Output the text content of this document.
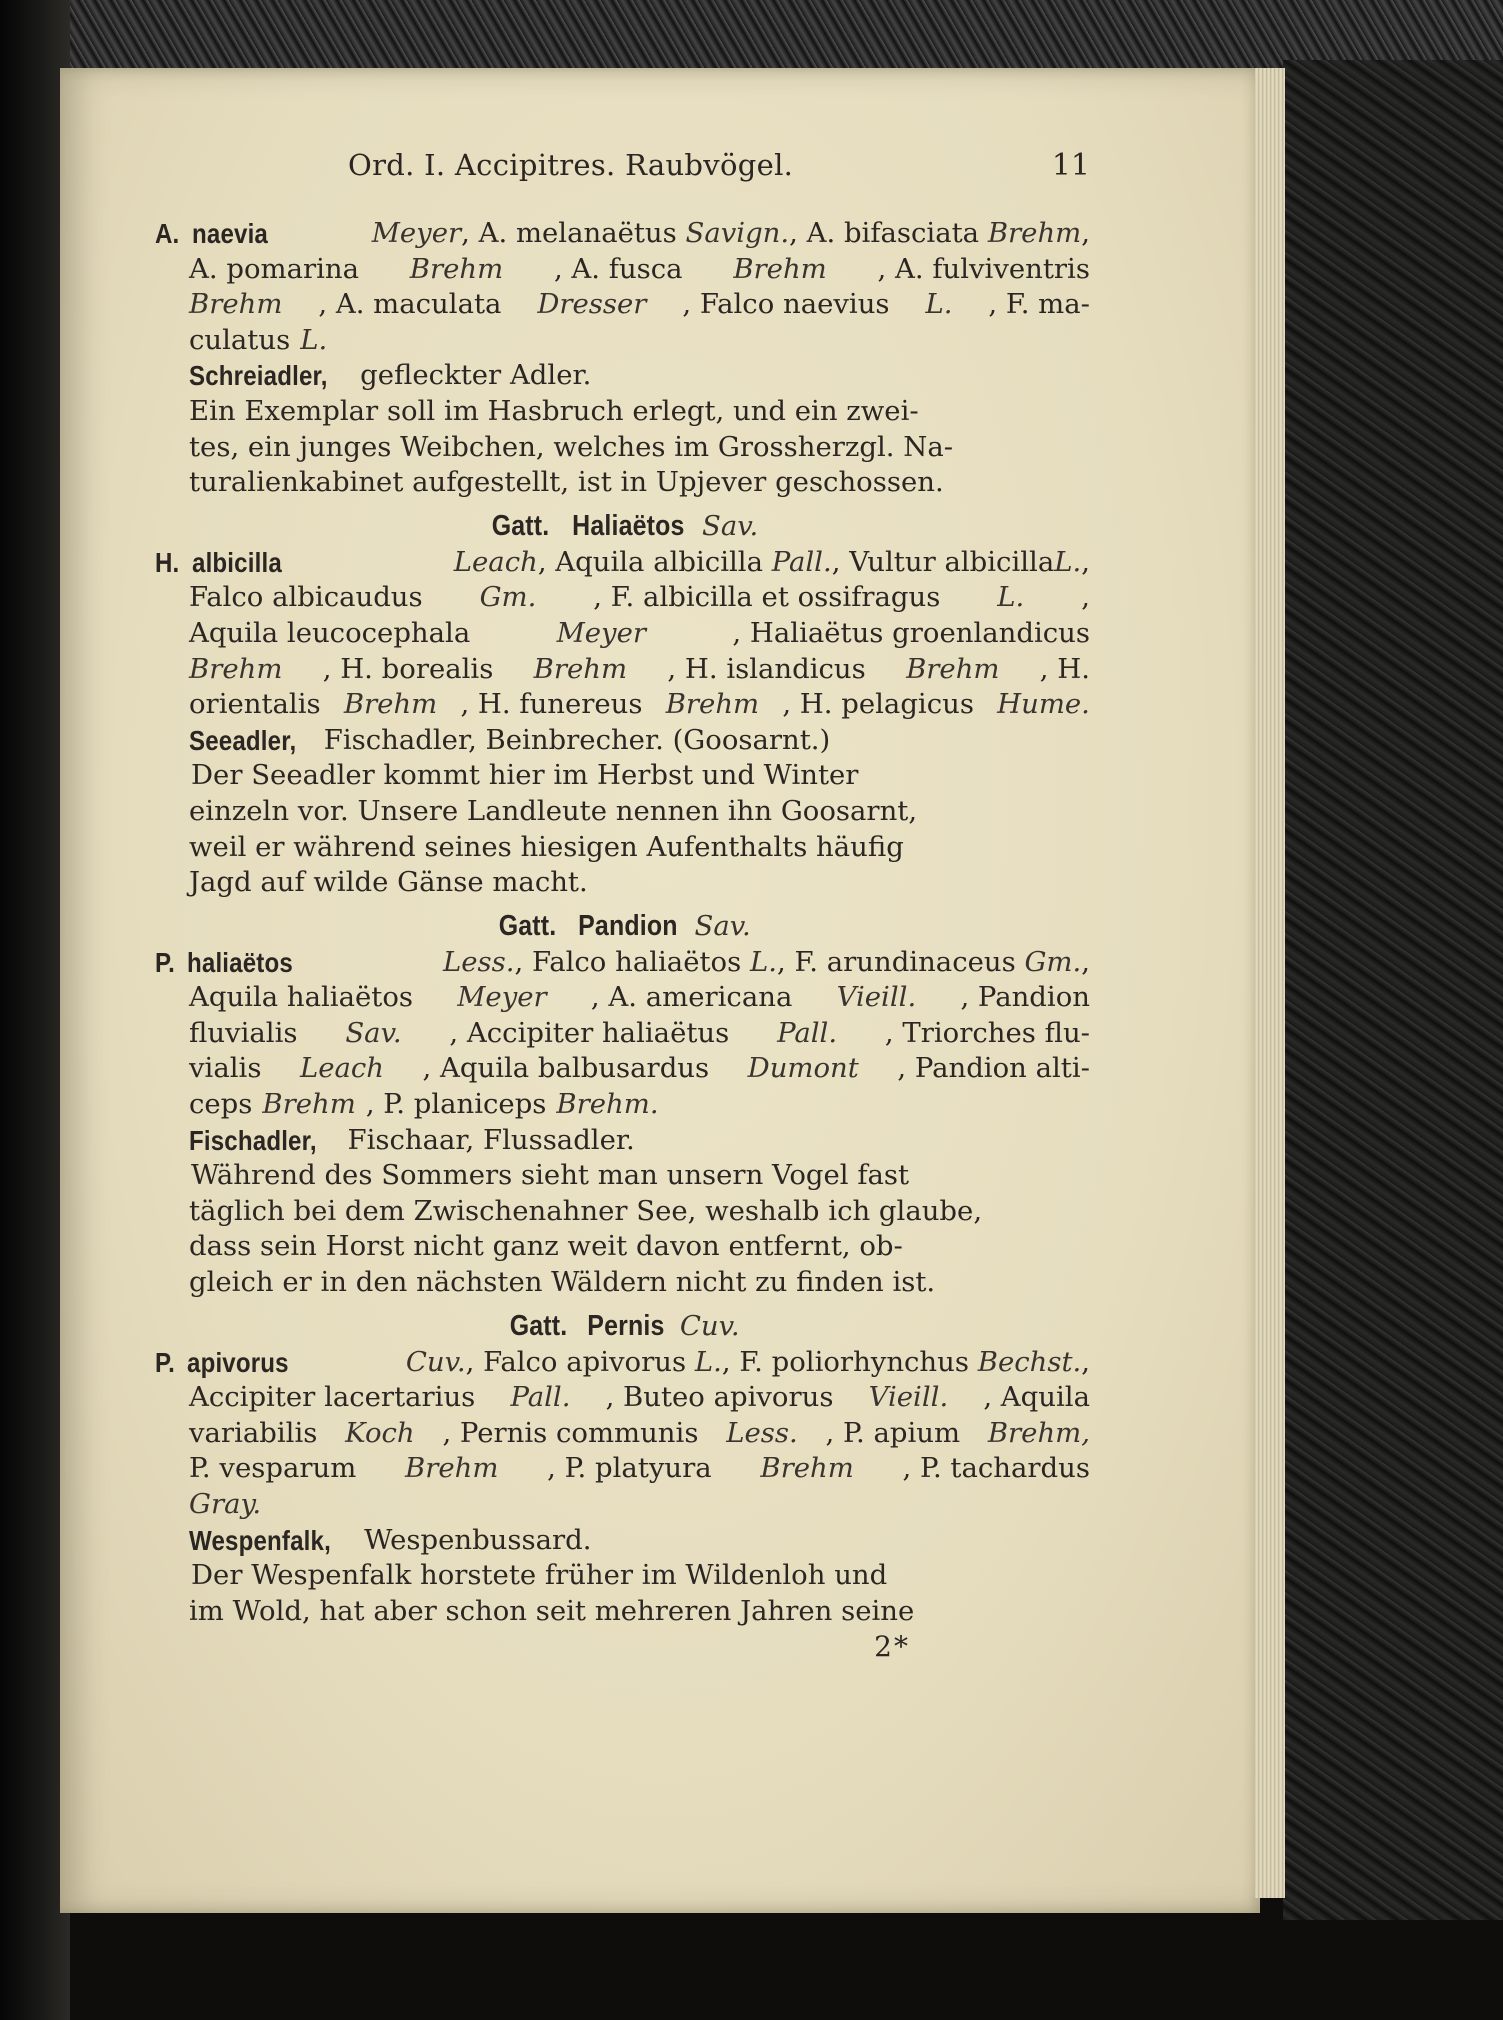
Ord. I. Accipitres. Raubvögel.	11
A. naevia	Meyer, A. melanaëtus Savign., A. bifasciata Brehm,
A. pomarina Brehm , A. fusca Brehm , A. fulviventris
Brehm , A. maculata Dresser , Falco naevius L. , F. ma-
culatus L.
Schreiadler, gefleckter Adler.
Ein Exemplar soll im Hasbruch erlegt, und ein zwei-
tes, ein junges Weibchen, welches im Grossherzgl. Na-
turalienkabinet aufgestellt, ist in Upjever geschossen.
Gatt. Haliaëtos Sav.
H. albicilla	Leach, Aquila albicilla Pall., Vultur albicillaL.,
Falco albicaudus Gm. , F. albicilla et ossifragus L. ,
Aquila leucocephala	Meyer	, Haliaëtus groenlandicus
Brehm , H. borealis Brehm , H. islandicus Brehm , H.
orientalis Brehm , H. funereus Brehm , H. pelagicus Hume.
Seeadler, Fischadler, Beinbrecher. (Goosarnt.)
Der Seeadler kommt hier im Herbst und Winter
einzeln vor. Unsere Landleute nennen ihn Goosarnt,
weil er während seines hiesigen Aufenthalts häufig
Jagd auf wilde Gänse macht.
Gatt. Pandion Sav.
P. haliaëtos	Less., Falco haliaëtos L., F. arundinaceus Gm.,
Aquila haliaëtos Meyer , A. americana Vieill. , Pandion
fluvialis Sav. , Accipiter haliaëtus Pall. , Triorches flu-
vialis Leach , Aquila balbusardus Dumont , Pandion alti-
ceps Brehm , P. planiceps Brehm.
Fischadler, Fischaar, Flussadler.
Während des Sommers sieht man unsern Vogel fast
täglich bei dem Zwischenahner See, weshalb ich glaube,
dass sein Horst nicht ganz weit davon entfernt, ob-
gleich er in den nächsten Wäldern nicht zu finden ist.
Gatt. Pernis Cuv.
P. apivorus	Cuv., Falco apivorus L., F. poliorhynchus Bechst.,
Accipiter lacertarius Pall. , Buteo apivorus Vieill. , Aquila
variabilis Koch , Pernis communis Less. , P. apium Brehm,
P. vesparum Brehm , P. platyura Brehm , P. tachardus
Gray.
Wespenfalk, Wespenbussard.
Der Wespenfalk horstete früher im Wildenloh und
im Wold, hat aber schon seit mehreren Jahren seine
2*
